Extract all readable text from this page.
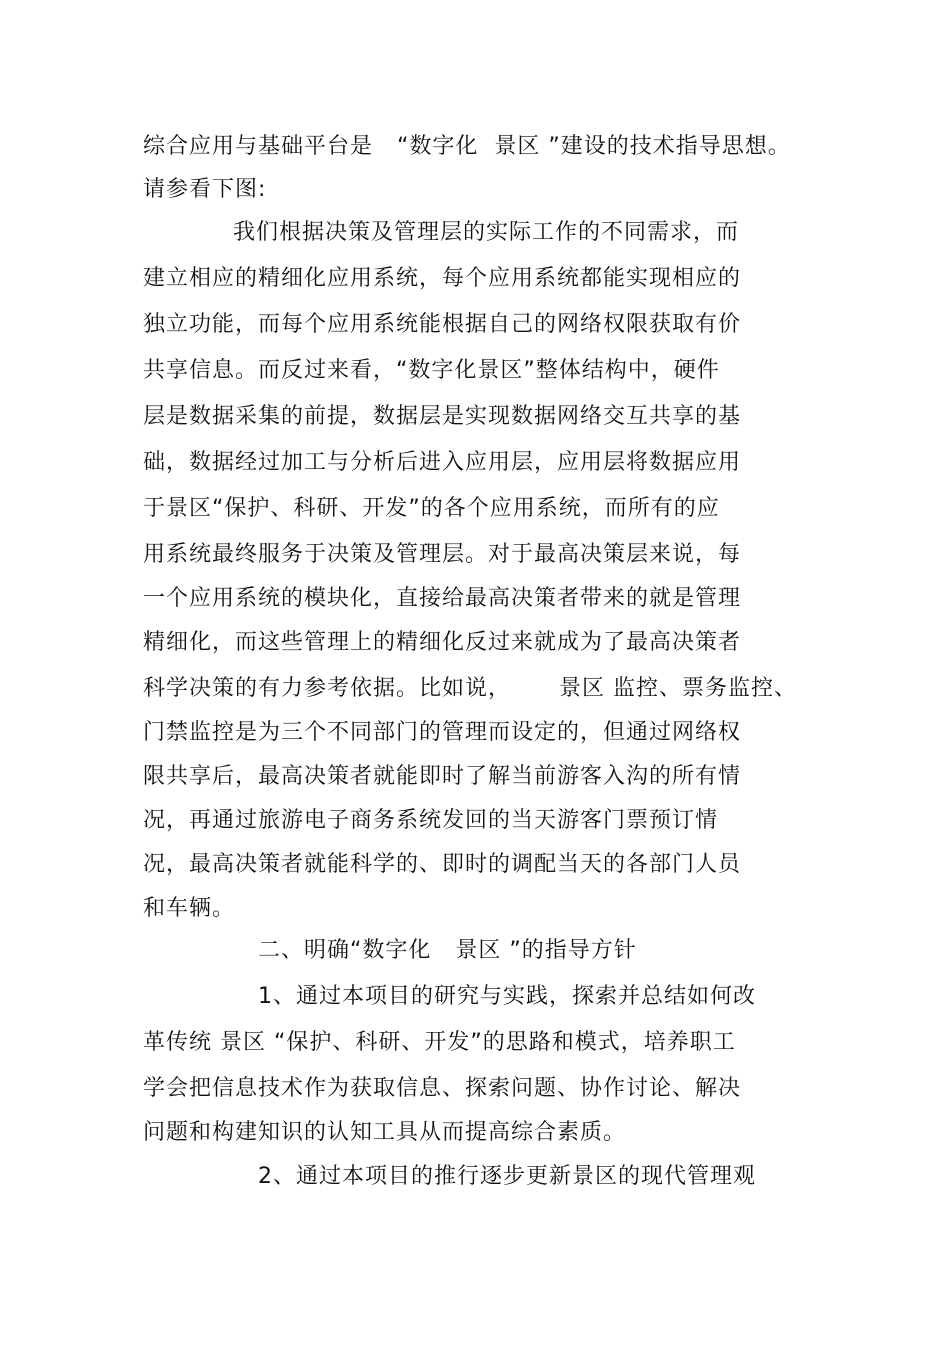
综合应用与基础平台是   “数字化  景区 ”建设的技术指导思想。
请参看下图:
我们根据决策及管理层的实际工作的不同需求，而
建立相应的精细化应用系统，每个应用系统都能实现相应的
独立功能，而每个应用系统能根据自己的网络权限获取有价
共享信息。而反过来看，“数字化景区”整体结构中，硬件
层是数据采集的前提，数据层是实现数据网络交互共享的基
础，数据经过加工与分析后进入应用层，应用层将数据应用
于景区“保护、科研、开发”的各个应用系统，而所有的应
用系统最终服务于决策及管理层。对于最高决策层来说，每
一个应用系统的模块化，直接给最高决策者带来的就是管理
精细化，而这些管理上的精细化反过来就成为了最高决策者
科学决策的有力参考依据。比如说，      景区 监控、票务监控、
门禁监控是为三个不同部门的管理而设定的，但通过网络权
限共享后，最高决策者就能即时了解当前游客入沟的所有情
况，再通过旅游电子商务系统发回的当天游客门票预订情
况，最高决策者就能科学的、即时的调配当天的各部门人员
和车辆。
二、明确“数字化   景区 ”的指导方针
1、通过本项目的研究与实践，探索并总结如何改
革传统 景区 “保护、科研、开发”的思路和模式，培养职工
学会把信息技术作为获取信息、探索问题、协作讨论、解决
问题和构建知识的认知工具从而提高综合素质。
2、通过本项目的推行逐步更新景区的现代管理观
